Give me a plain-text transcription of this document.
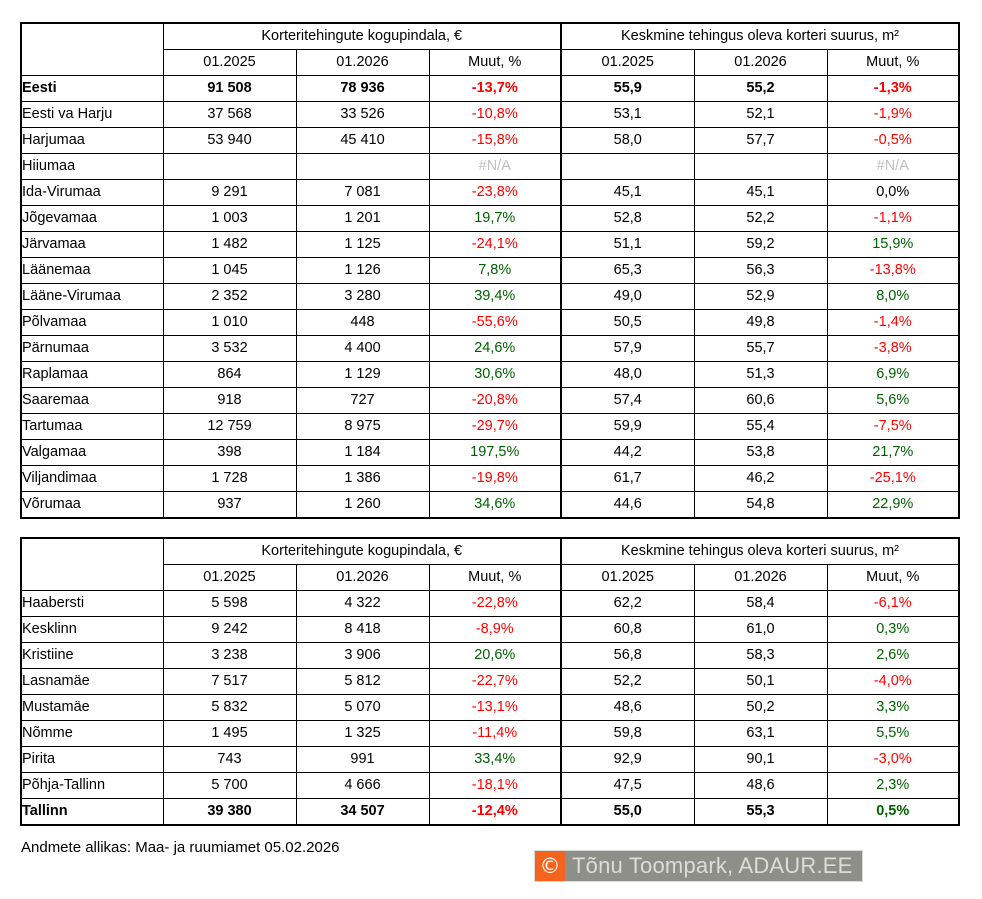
	Korteritehingute kogupindala, €			Keskmine tehingus oleva korteri suurus, m²		
	01.2025	01.2026	Muut, %	01.2025	01.2026	Muut, %
Eesti	91 508	78 936	-13,7%	55,9	55,2	-1,3%
Eesti va Harju	37 568	33 526	-10,8%	53,1	52,1	-1,9%
Harjumaa	53 940	45 410	-15,8%	58,0	57,7	-0,5%
Hiiumaa			#N/A			#N/A
Ida-Virumaa	9 291	7 081	-23,8%	45,1	45,1	0,0%
Jõgevamaa	1 003	1 201	19,7%	52,8	52,2	-1,1%
Järvamaa	1 482	1 125	-24,1%	51,1	59,2	15,9%
Läänemaa	1 045	1 126	7,8%	65,3	56,3	-13,8%
Lääne-Virumaa	2 352	3 280	39,4%	49,0	52,9	8,0%
Põlvamaa	1 010	448	-55,6%	50,5	49,8	-1,4%
Pärnumaa	3 532	4 400	24,6%	57,9	55,7	-3,8%
Raplamaa	864	1 129	30,6%	48,0	51,3	6,9%
Saaremaa	918	727	-20,8%	57,4	60,6	5,6%
Tartumaa	12 759	8 975	-29,7%	59,9	55,4	-7,5%
Valgamaa	398	1 184	197,5%	44,2	53,8	21,7%
Viljandimaa	1 728	1 386	-19,8%	61,7	46,2	-25,1%
Võrumaa	937	1 260	34,6%	44,6	54,8	22,9%
	Korteritehingute kogupindala, €			Keskmine tehingus oleva korteri suurus, m²		
	01.2025	01.2026	Muut, %	01.2025	01.2026	Muut, %
Haabersti	5 598	4 322	-22,8%	62,2	58,4	-6,1%
Kesklinn	9 242	8 418	-8,9%	60,8	61,0	0,3%
Kristiine	3 238	3 906	20,6%	56,8	58,3	2,6%
Lasnamäe	7 517	5 812	-22,7%	52,2	50,1	-4,0%
Mustamäe	5 832	5 070	-13,1%	48,6	50,2	3,3%
Nõmme	1 495	1 325	-11,4%	59,8	63,1	5,5%
Pirita	743	991	33,4%	92,9	90,1	-3,0%
Põhja-Tallinn	5 700	4 666	-18,1%	47,5	48,6	2,3%
Tallinn	39 380	34 507	-12,4%	55,0	55,3	0,5%
Andmete allikas: Maa- ja ruumiamet 05.02.2026
© Tõnu Toompark, ADAUR.EE
